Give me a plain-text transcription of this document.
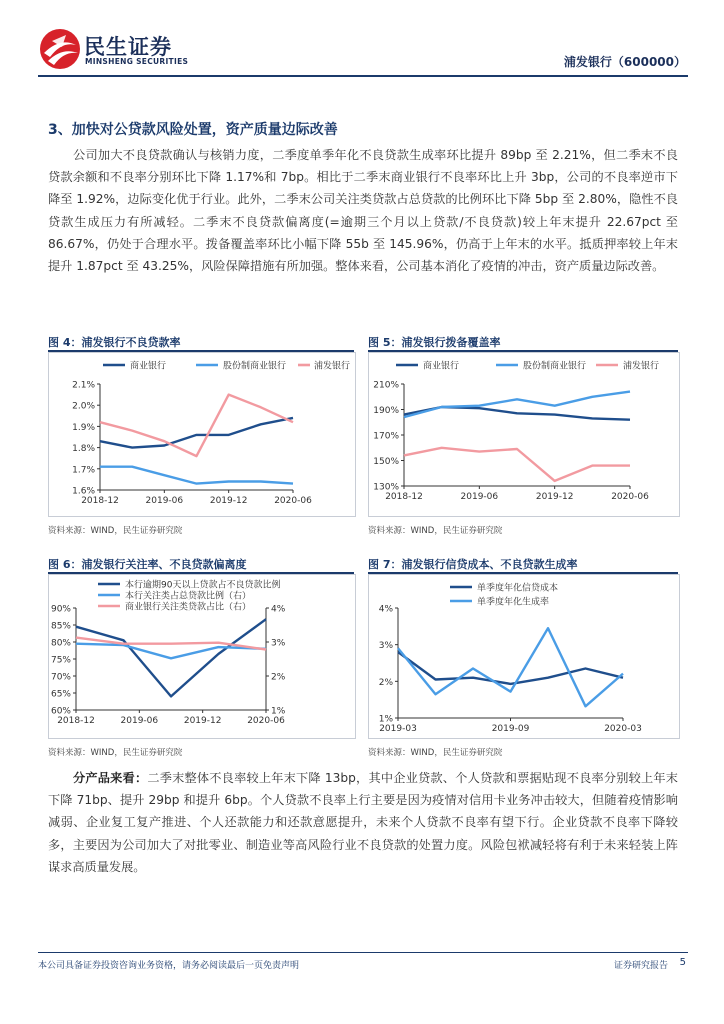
民生证券
MINSHENG SECURITIES	浦发银行（600000）
3、加快对公贷款风险处置，资产质量边际改善
公司加大不良贷款确认与核销力度，二季度单季年化不良贷款生成率环比提升 89bp 至 2.21%，但二季末不良贷款余额和不良率分别环比下降 1.17%和 7bp。相比于二季末商业银行不良率环比上升 3bp，公司的不良率逆市下降至 1.92%，边际变化优于行业。此外，二季末公司关注类贷款占总贷款的比例环比下降 5bp 至 2.80%，隐性不良贷款生成压力有所减轻。二季末不良贷款偏离度(=逾期三个月以上贷款/不良贷款)较上年末提升 22.67pct 至 86.67%，仍处于合理水平。拨备覆盖率环比小幅下降 55b 至 145.96%，仍高于上年末的水平。抵质押率较上年末提升 1.87pct 至 43.25%，风险保障措施有所加强。整体来看，公司基本消化了疫情的冲击，资产质量边际改善。
图 4：浦发银行不良贷款率
1.6%
1.7%
1.8%
1.9%
2.0%
2.1%
2018-12	2019-06	2019-12	2020-06
商业银行	股份制商业银行	浦发银行
资料来源：WIND，民生证券研究院
图 5：浦发银行拨备覆盖率
130%
150%
170%
190%
210%
2018-12	2019-06	2019-12	2020-06
商业银行	股份制商业银行	浦发银行
资料来源：WIND，民生证券研究院
图 6：浦发银行关注率、不良贷款偏离度
60%
65%
70%
75%
80%
85%
90%
1%
2%
3%
4%
2018-12	2019-06	2019-12	2020-06
本行逾期90天以上贷款占不良贷款比例
本行关注类占总贷款比例（右）
商业银行关注类贷款占比（右）
资料来源：WIND，民生证券研究院
图 7：浦发银行信贷成本、不良贷款生成率
1%
2%
3%
4%
2019-03	2019-09	2020-03
单季度年化信贷成本
单季度年化生成率
资料来源：WIND，民生证券研究院
分产品来看：二季末整体不良率较上年末下降 13bp，其中企业贷款、个人贷款和票据贴现不良率分别较上年末下降 71bp、提升 29bp 和提升 6bp。个人贷款不良率上行主要是因为疫情对信用卡业务冲击较大，但随着疫情影响减弱、企业复工复产推进、个人还款能力和还款意愿提升，未来个人贷款不良率有望下行。企业贷款不良率下降较多，主要因为公司加大了对批零业、制造业等高风险行业不良贷款的处置力度。风险包袱减轻将有利于未来轻装上阵谋求高质量发展。
本公司具备证券投资咨询业务资格，请务必阅读最后一页免责声明	证券研究报告 5
